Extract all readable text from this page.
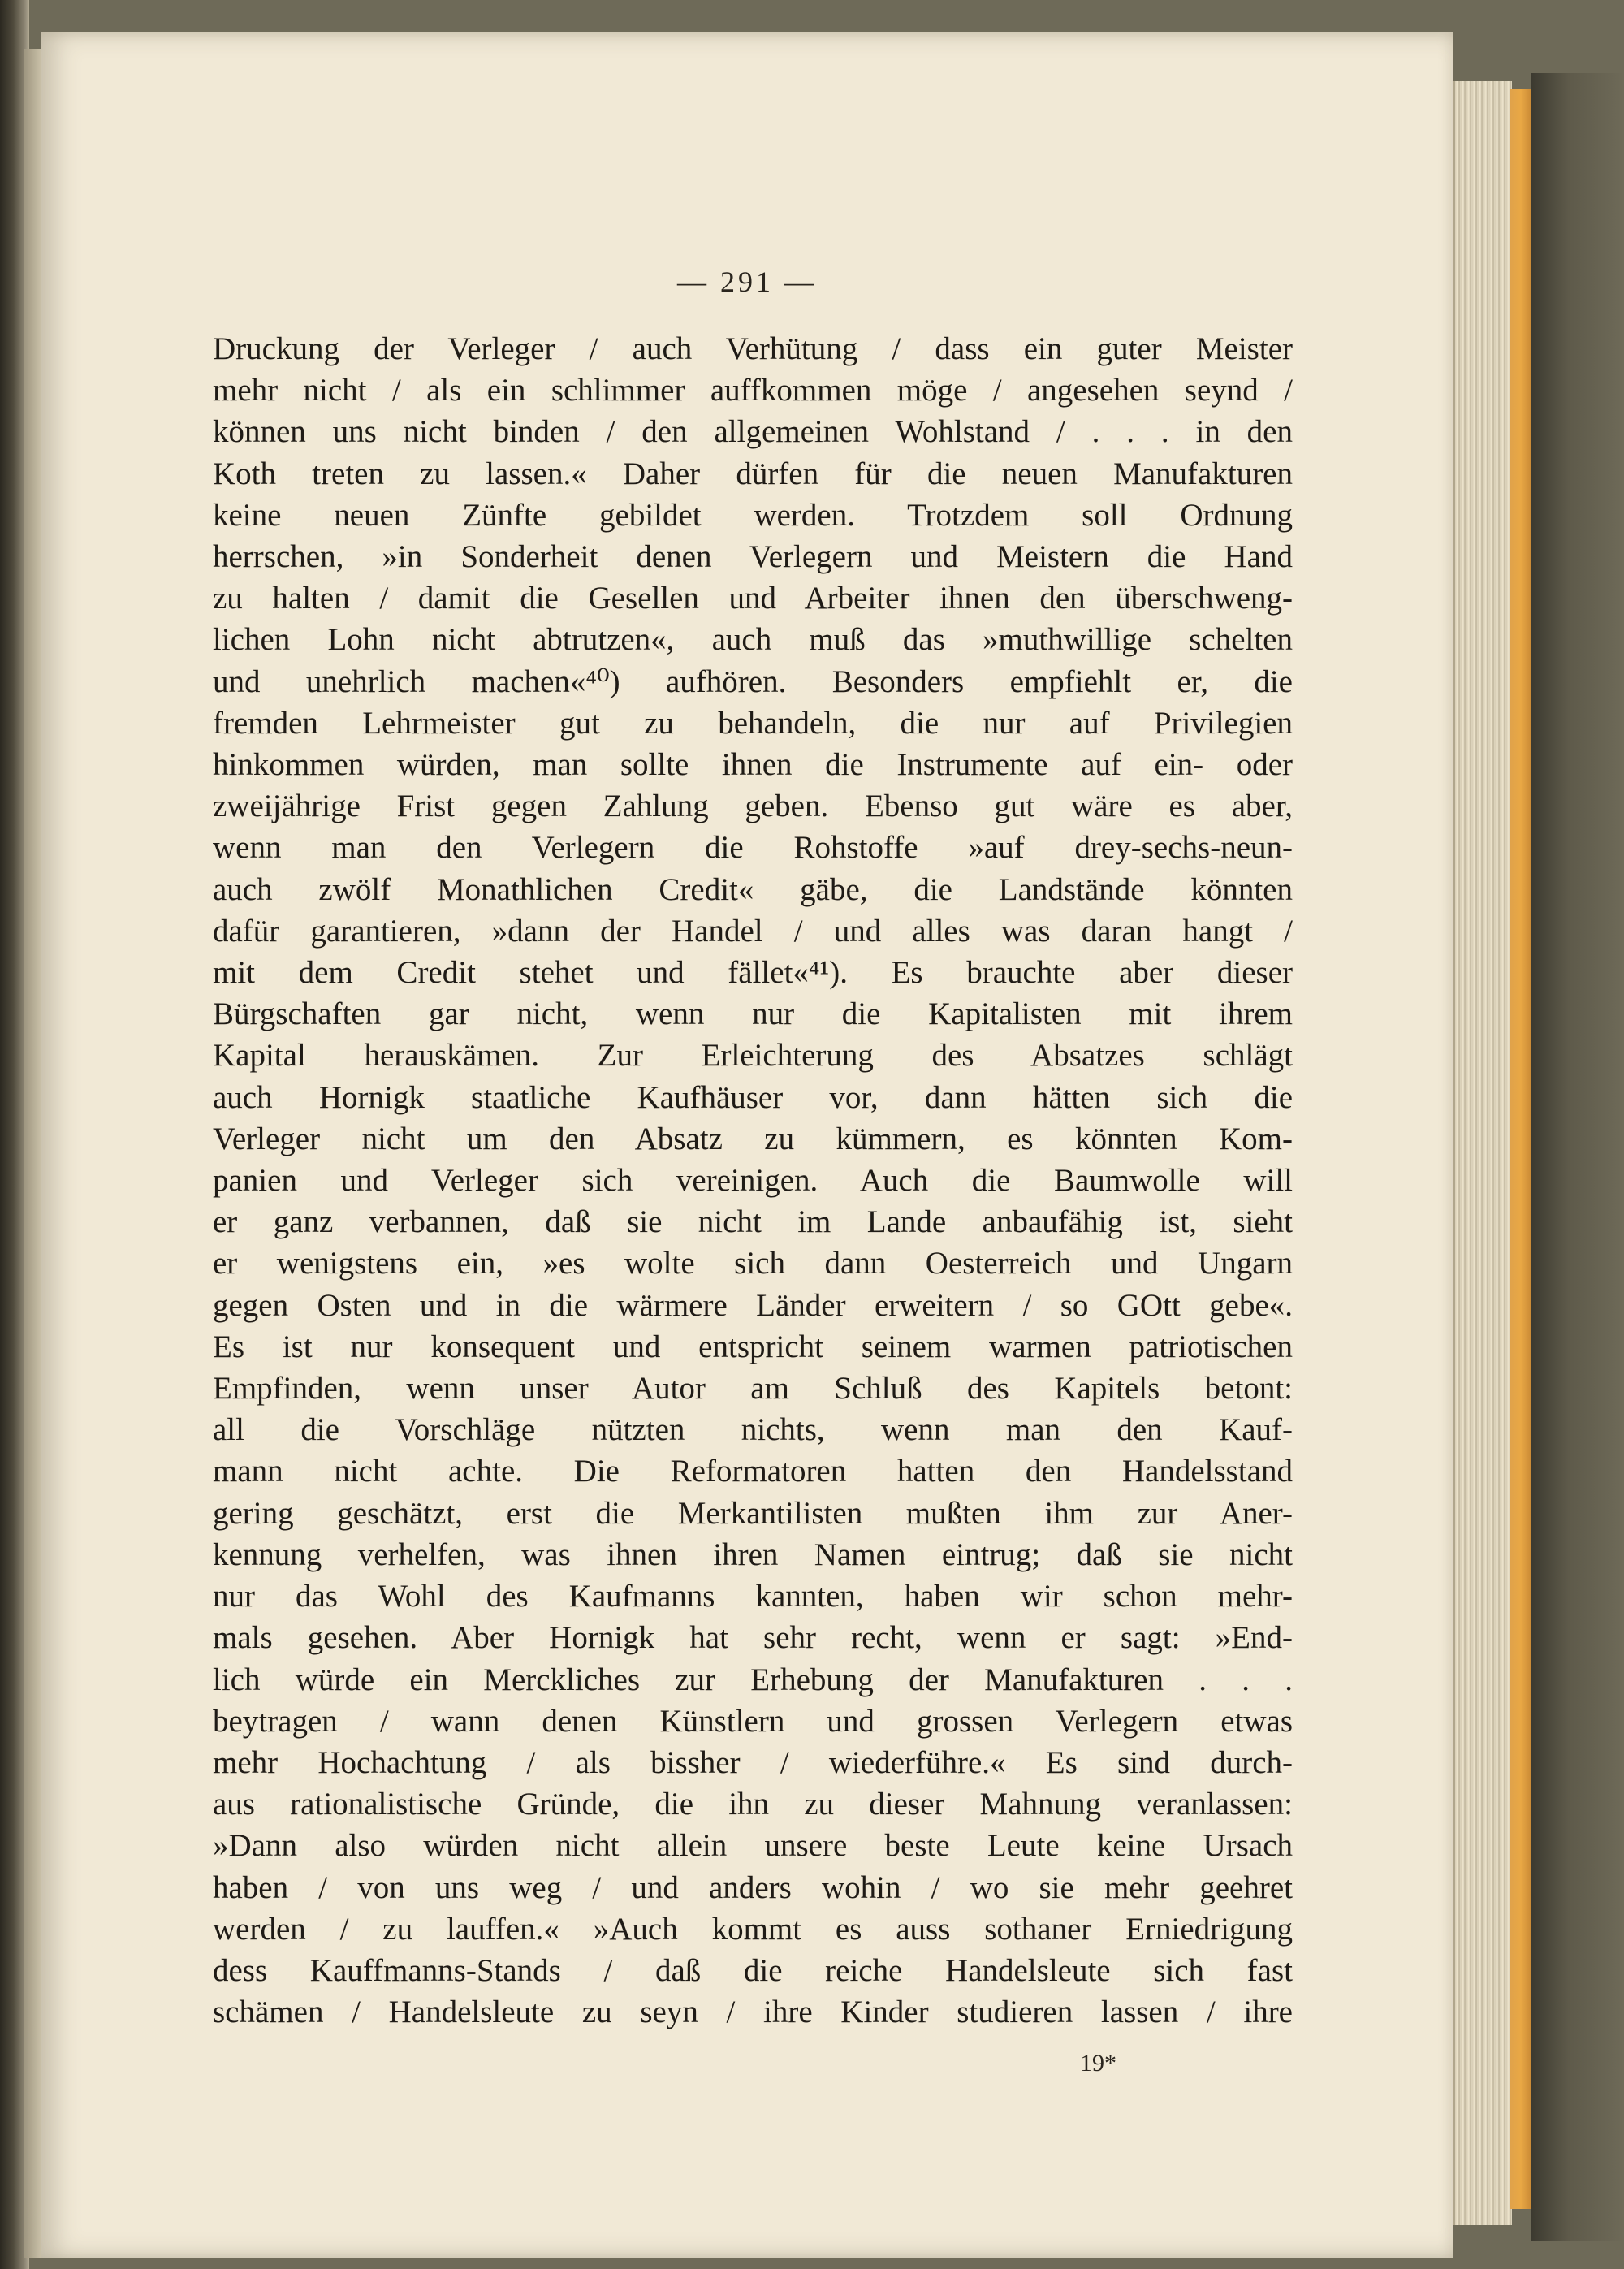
— 291 —
Druckung der Verleger / auch Verhütung / dass ein guter Meister
mehr nicht / als ein schlimmer auffkommen möge / angesehen seynd /
können uns nicht binden / den allgemeinen Wohlstand / . . . in den
Koth treten zu lassen.« Daher dürfen für die neuen Manufakturen
keine neuen Zünfte gebildet werden. Trotzdem soll Ordnung
herrschen, »in Sonderheit denen Verlegern und Meistern die Hand
zu halten / damit die Gesellen und Arbeiter ihnen den überschweng-
lichen Lohn nicht abtrutzen«, auch muß das »muthwillige schelten
und unehrlich machen«⁴⁰) aufhören. Besonders empfiehlt er, die
fremden Lehrmeister gut zu behandeln, die nur auf Privilegien
hinkommen würden, man sollte ihnen die Instrumente auf ein- oder
zweijährige Frist gegen Zahlung geben. Ebenso gut wäre es aber,
wenn man den Verlegern die Rohstoffe »auf drey-sechs-neun-
auch zwölf Monathlichen Credit« gäbe, die Landstände könnten
dafür garantieren, »dann der Handel / und alles was daran hangt /
mit dem Credit stehet und fället«⁴¹). Es brauchte aber dieser
Bürgschaften gar nicht, wenn nur die Kapitalisten mit ihrem
Kapital herauskämen. Zur Erleichterung des Absatzes schlägt
auch Hornigk staatliche Kaufhäuser vor, dann hätten sich die
Verleger nicht um den Absatz zu kümmern, es könnten Kom-
panien und Verleger sich vereinigen. Auch die Baumwolle will
er ganz verbannen, daß sie nicht im Lande anbaufähig ist, sieht
er wenigstens ein, »es wolte sich dann Oesterreich und Ungarn
gegen Osten und in die wärmere Länder erweitern / so GOtt gebe«.
Es ist nur konsequent und entspricht seinem warmen patriotischen
Empfinden, wenn unser Autor am Schluß des Kapitels betont:
all die Vorschläge nützten nichts, wenn man den Kauf-
mann nicht achte. Die Reformatoren hatten den Handelsstand
gering geschätzt, erst die Merkantilisten mußten ihm zur Aner-
kennung verhelfen, was ihnen ihren Namen eintrug; daß sie nicht
nur das Wohl des Kaufmanns kannten, haben wir schon mehr-
mals gesehen. Aber Hornigk hat sehr recht, wenn er sagt: »End-
lich würde ein Merckliches zur Erhebung der Manufakturen . . .
beytragen / wann denen Künstlern und grossen Verlegern etwas
mehr Hochachtung / als bissher / wiederführe.« Es sind durch-
aus rationalistische Gründe, die ihn zu dieser Mahnung veranlassen:
»Dann also würden nicht allein unsere beste Leute keine Ursach
haben / von uns weg / und anders wohin / wo sie mehr geehret
werden / zu lauffen.« »Auch kommt es auss sothaner Erniedrigung
dess Kauffmanns-Stands / daß die reiche Handelsleute sich fast
schämen / Handelsleute zu seyn / ihre Kinder studieren lassen / ihre
19*
